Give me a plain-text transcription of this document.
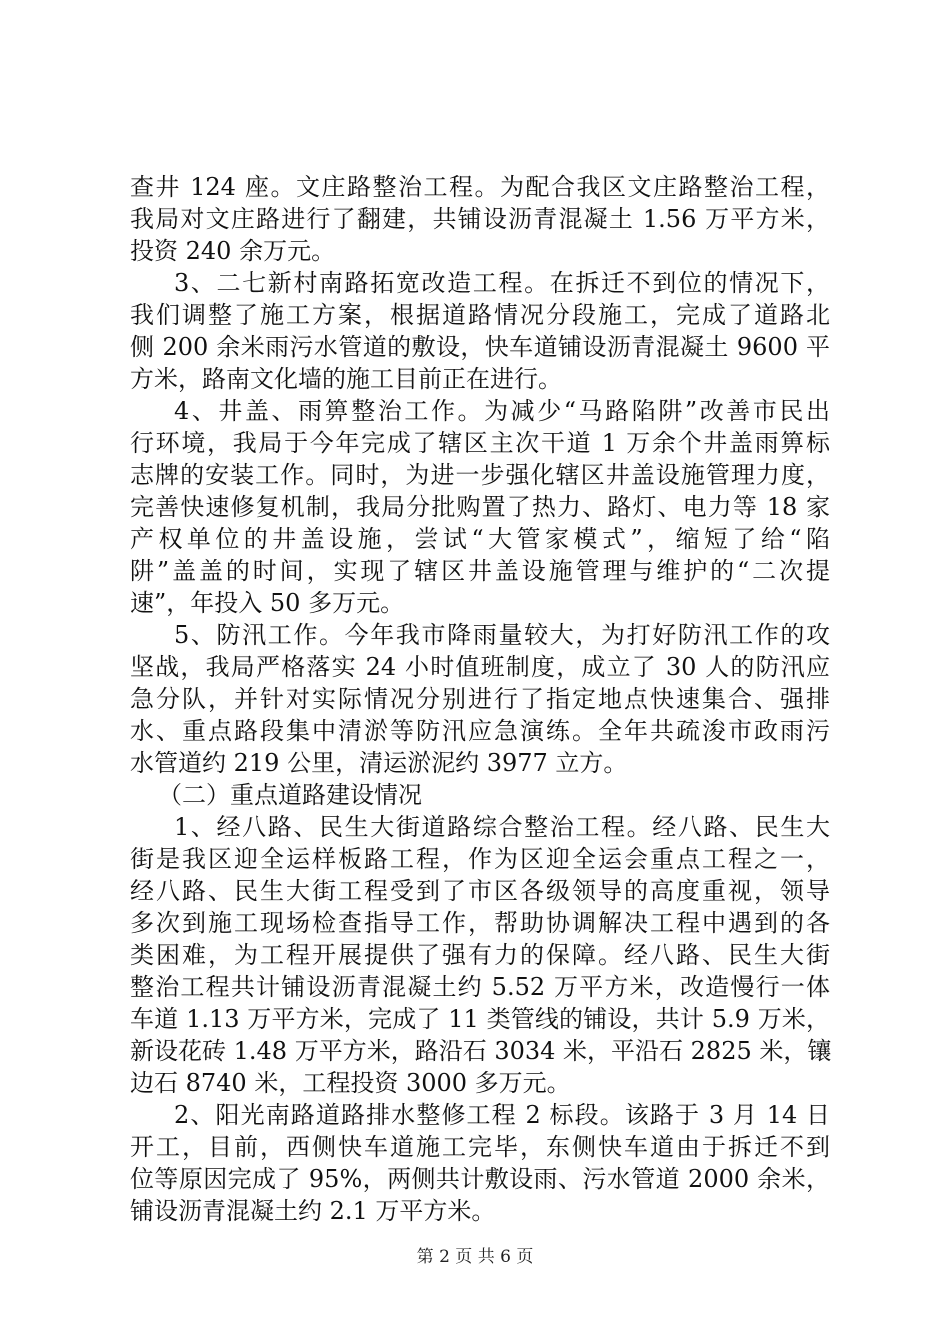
查井 124 座。文庄路整治工程。为配合我区文庄路整治工程，
我局对文庄路进行了翻建，共铺设沥青混凝土 1.56 万平方米，
投资 240 余万元。
3、二七新村南路拓宽改造工程。在拆迁不到位的情况下，
我们调整了施工方案，根据道路情况分段施工，完成了道路北
侧 200 余米雨污水管道的敷设，快车道铺设沥青混凝土 9600 平
方米，路南文化墙的施工目前正在进行。
4、井盖、雨箅整治工作。为减少“马路陷阱”改善市民出
行环境，我局于今年完成了辖区主次干道 1 万余个井盖雨箅标
志牌的安装工作。同时，为进一步强化辖区井盖设施管理力度，
完善快速修复机制，我局分批购置了热力、路灯、电力等 18 家
产权单位的井盖设施，尝试“大管家模式”，缩短了给“陷
阱”盖盖的时间，实现了辖区井盖设施管理与维护的“二次提
速”，年投入 50 多万元。
5、防汛工作。今年我市降雨量较大，为打好防汛工作的攻
坚战，我局严格落实 24 小时值班制度，成立了 30 人的防汛应
急分队，并针对实际情况分别进行了指定地点快速集合、强排
水、重点路段集中清淤等防汛应急演练。全年共疏浚市政雨污
水管道约 219 公里，清运淤泥约 3977 立方。
（二）重点道路建设情况
1、经八路、民生大街道路综合整治工程。经八路、民生大
街是我区迎全运样板路工程，作为区迎全运会重点工程之一，
经八路、民生大街工程受到了市区各级领导的高度重视，领导
多次到施工现场检查指导工作，帮助协调解决工程中遇到的各
类困难，为工程开展提供了强有力的保障。经八路、民生大街
整治工程共计铺设沥青混凝土约 5.52 万平方米，改造慢行一体
车道 1.13 万平方米，完成了 11 类管线的铺设，共计 5.9 万米，
新设花砖 1.48 万平方米，路沿石 3034 米，平沿石 2825 米，镶
边石 8740 米，工程投资 3000 多万元。
2、阳光南路道路排水整修工程 2 标段。该路于 3 月 14 日
开工，目前，西侧快车道施工完毕，东侧快车道由于拆迁不到
位等原因完成了 95%，两侧共计敷设雨、污水管道 2000 余米，
铺设沥青混凝土约 2.1 万平方米。
第 2 页 共 6 页
